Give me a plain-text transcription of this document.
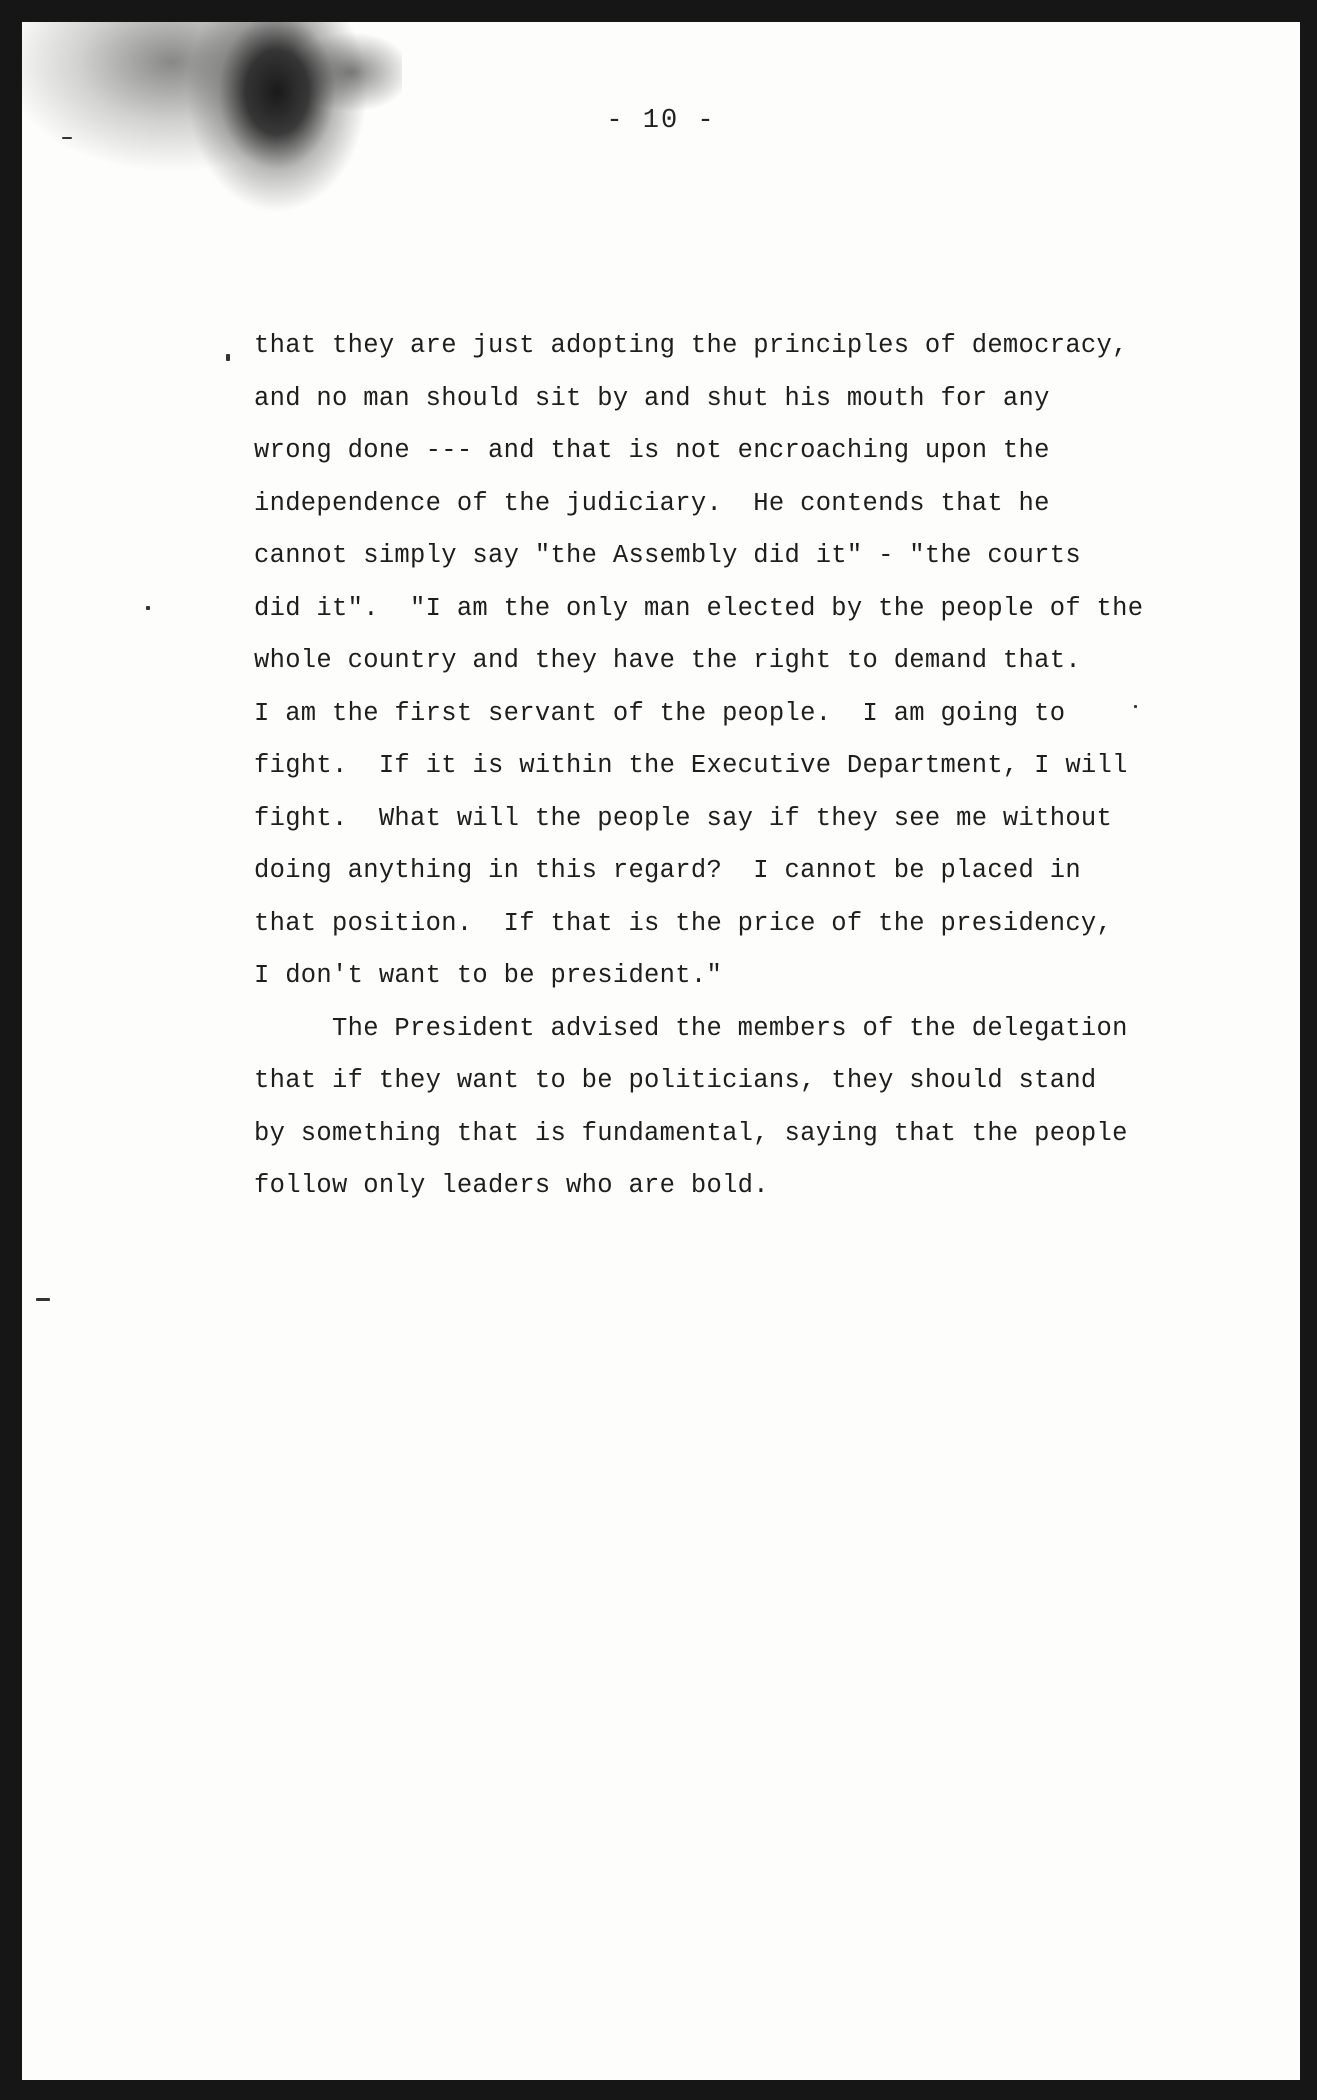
- 10 -
that they are just adopting the principles of democracy,
and no man should sit by and shut his mouth for any
wrong done --- and that is not encroaching upon the
independence of the judiciary.  He contends that he
cannot simply say "the Assembly did it" - "the courts
did it".  "I am the only man elected by the people of the
whole country and they have the right to demand that.
I am the first servant of the people.  I am going to
fight.  If it is within the Executive Department, I will
fight.  What will the people say if they see me without
doing anything in this regard?  I cannot be placed in
that position.  If that is the price of the presidency,
I don't want to be president."
The President advised the members of the delegation
that if they want to be politicians, they should stand
by something that is fundamental, saying that the people
follow only leaders who are bold.
